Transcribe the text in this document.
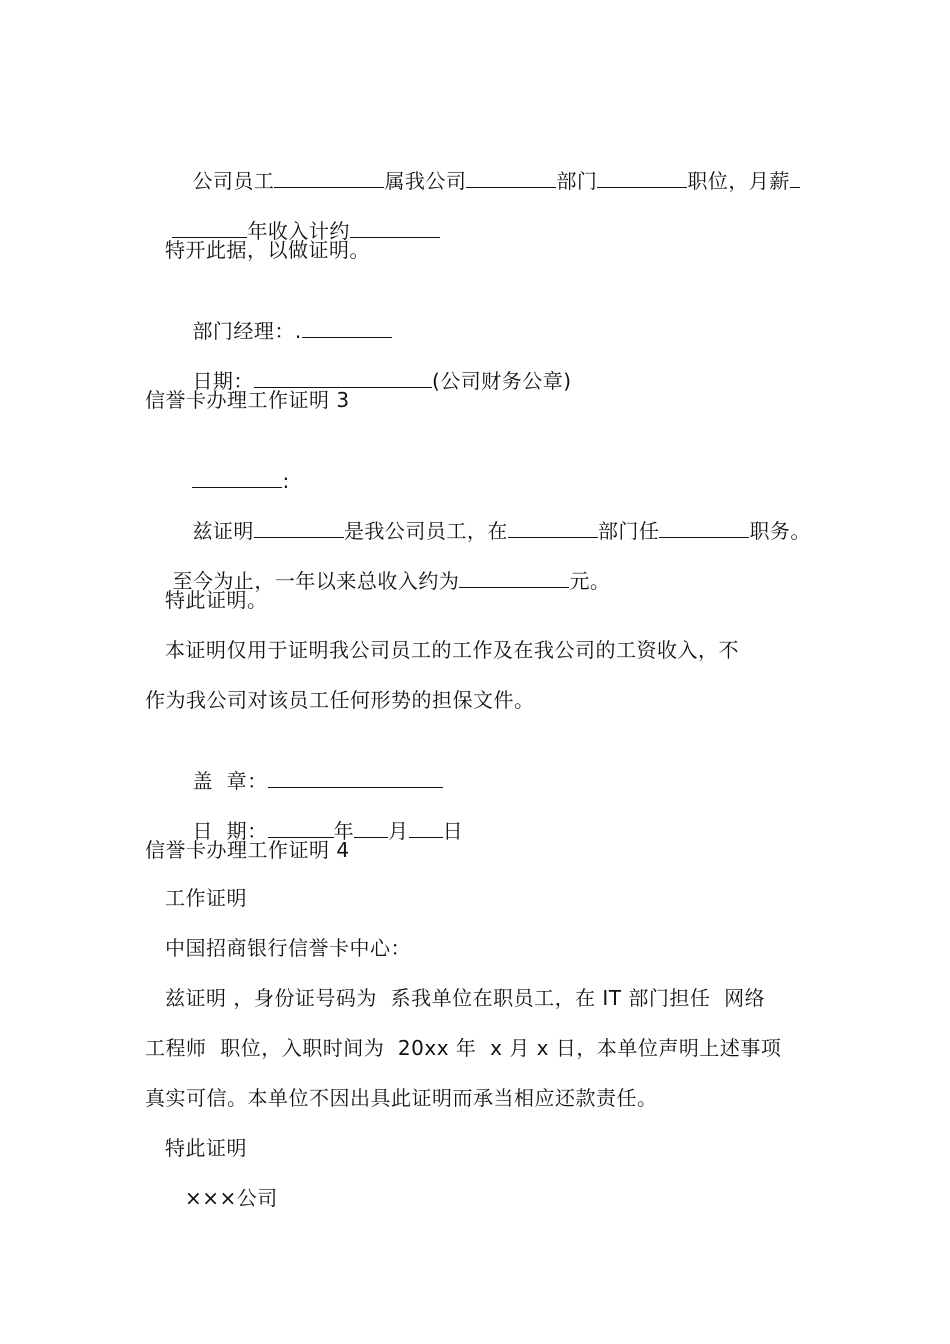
公司员工	属我公司	部门	职位，月薪

年收入计约

特开此据，以做证明。

部门经理：.

日期：	(公司财务公章)

信誉卡办理工作证明 3

:

兹证明	是我公司员工，在	部门任	职务。

至今为止，一年以来总收入约为	元。

特此证明。
本证明仅用于证明我公司员工的工作及在我公司的工资收入，不
作为我公司对该员工任何形势的担保文件。

盖  章：

日  期：	年 月 日

信誉卡办理工作证明 4
工作证明
中国招商银行信誉卡中心：
兹证明 ，身份证号码为  系我单位在职员工，在 IT 部门担任  网络
工程师  职位，入职时间为  20xx 年  x 月 x 日，本单位声明上述事项
真实可信。本单位不因出具此证明而承当相应还款责任。
特此证明
×××公司
